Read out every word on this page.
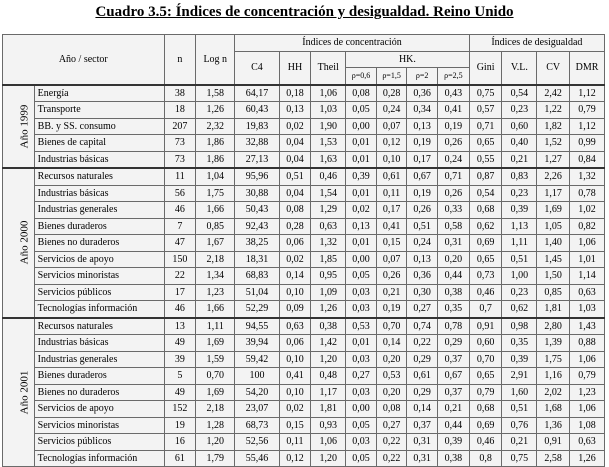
Cuadro 3.5: Índices de concentración y desigualdad. Reino Unido
Año / sector		n	Log n	Índices de concentración							Índices de desigualdad			
				C4	HH	Theil	HK.				Gini	V.L.	CV	DMR
							ρ=0,6	ρ=1,5	ρ=2	ρ=2,5				
Año 1999	Energía	38	1,58	64,17	0,18	1,06	0,08	0,28	0,36	0,43	0,75	0,54	2,42	1,12
	Transporte	18	1,26	60,43	0,13	1,03	0,05	0,24	0,34	0,41	0,57	0,23	1,22	0,79
	BB. y SS. consumo	207	2,32	19,83	0,02	1,90	0,00	0,07	0,13	0,19	0,71	0,60	1,82	1,12
	Bienes de capital	73	1,86	32,88	0,04	1,53	0,01	0,12	0,19	0,26	0,65	0,40	1,52	0,99
	Industrias básicas	73	1,86	27,13	0,04	1,63	0,01	0,10	0,17	0,24	0,55	0,21	1,27	0,84
Año 2000	Recursos naturales	11	1,04	95,96	0,51	0,46	0,39	0,61	0,67	0,71	0,87	0,83	2,26	1,32
	Industrias básicas	56	1,75	30,88	0,04	1,54	0,01	0,11	0,19	0,26	0,54	0,23	1,17	0,78
	Industrias generales	46	1,66	50,43	0,08	1,29	0,02	0,17	0,26	0,33	0,68	0,39	1,69	1,02
	Bienes duraderos	7	0,85	92,43	0,28	0,63	0,13	0,41	0,51	0,58	0,62	1,13	1,05	0,82
	Bienes no duraderos	47	1,67	38,25	0,06	1,32	0,01	0,15	0,24	0,31	0,69	1,11	1,40	1,06
	Servicios de apoyo	150	2,18	18,31	0,02	1,85	0,00	0,07	0,13	0,20	0,65	0,51	1,45	1,01
	Servicios minoristas	22	1,34	68,83	0,14	0,95	0,05	0,26	0,36	0,44	0,73	1,00	1,50	1,14
	Servicios públicos	17	1,23	51,04	0,10	1,09	0,03	0,21	0,30	0,38	0,46	0,23	0,85	0,63
	Tecnologías información	46	1,66	52,29	0,09	1,26	0,03	0,19	0,27	0,35	0,7	0,62	1,81	1,03
Año 2001	Recursos naturales	13	1,11	94,55	0,63	0,38	0,53	0,70	0,74	0,78	0,91	0,98	2,80	1,43
	Industrias básicas	49	1,69	39,94	0,06	1,42	0,01	0,14	0,22	0,29	0,60	0,35	1,39	0,88
	Industrias generales	39	1,59	59,42	0,10	1,20	0,03	0,20	0,29	0,37	0,70	0,39	1,75	1,06
	Bienes duraderos	5	0,70	100	0,41	0,48	0,27	0,53	0,61	0,67	0,65	2,91	1,16	0,79
	Bienes no duraderos	49	1,69	54,20	0,10	1,17	0,03	0,20	0,29	0,37	0,79	1,60	2,02	1,23
	Servicios de apoyo	152	2,18	23,07	0,02	1,81	0,00	0,08	0,14	0,21	0,68	0,51	1,68	1,06
	Servicios minoristas	19	1,28	68,73	0,15	0,93	0,05	0,27	0,37	0,44	0,69	0,76	1,36	1,08
	Servicios públicos	16	1,20	52,56	0,11	1,06	0,03	0,22	0,31	0,39	0,46	0,21	0,91	0,63
	Tecnologías información	61	1,79	55,46	0,12	1,20	0,05	0,22	0,31	0,38	0,8	0,75	2,58	1,26
